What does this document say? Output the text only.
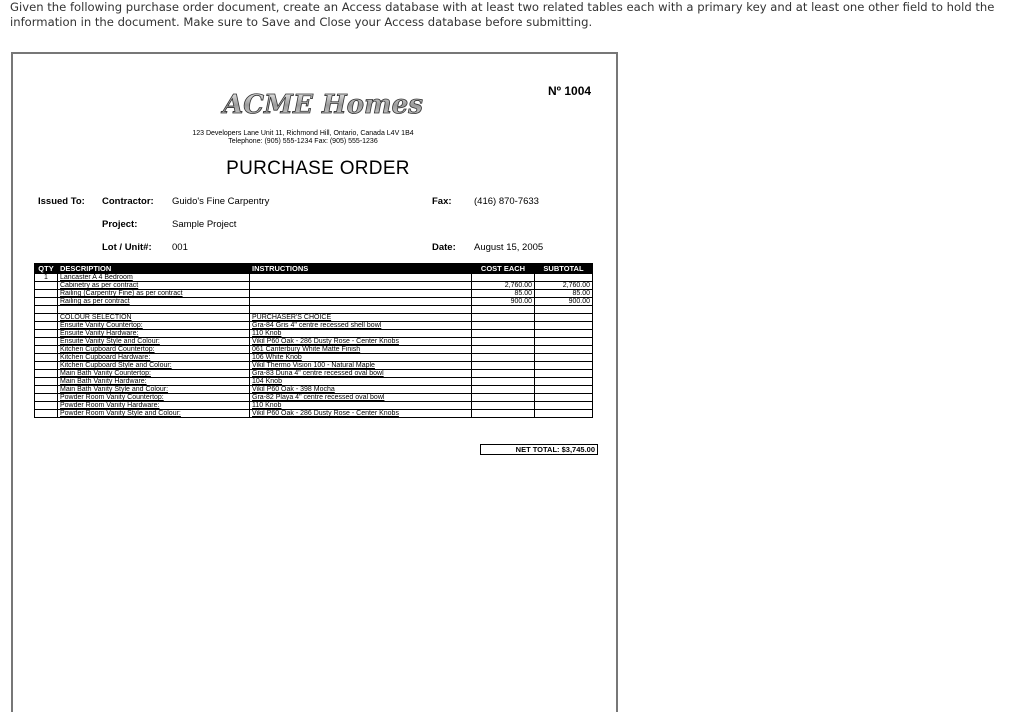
Given the following purchase order document, create an Access database with at least two related tables each with a primary key and at least one other field to hold the information in the document. Make sure to Save and Close your Access database before submitting.
Nº 1004
ACME Homes
123 Developers Lane Unit 11, Richmond Hill, Ontario, Canada L4V 1B4
Telephone: (905) 555-1234 Fax: (905) 555-1236
PURCHASE ORDER
Issued To: Contractor: Guido's Fine Carpentry
Project:	Sample Project
Lot / Unit#: 001
Fax: (416) 870-7633
Date: August 15, 2005
QTY	DESCRIPTION	INSTRUCTIONS	COST EACH	SUBTOTAL
1	Lancaster A 4 Bedroom			
	Cabinetry as per contract		2,760.00	2,760.00
	Railing (Carpentry Fine) as per contract		85.00	85.00
	Railing as per contract		900.00	900.00

	COLOUR SELECTION	PURCHASER'S CHOICE		
	Ensuite Vanity Countertop:	Gra-84 Gris 4" centre recessed shell bowl		
	Ensuite Vanity Hardware:	110 Knob		
	Ensuite Vanity Style and Colour:	Vikil P60 Oak - 286 Dusty Rose - Center Knobs		
	Kitchen Cupboard Countertop:	061 Canterbury White Matte Finish		
	Kitchen Cupboard Hardware:	106 White Knob		
	Kitchen Cupboard Style and Colour:	Vikil Thermo Vision 100 - Natural Maple		
	Main Bath Vanity Countertop:	Gra-83 Duna 4" centre recessed oval bowl		
	Main Bath Vanity Hardware:	104 Knob		
	Main Bath Vanity Style and Colour:	Vikil P60 Oak - 398 Mocha		
	Powder Room Vanity Countertop:	Gra-82 Playa 4" centre recessed oval bowl		
	Powder Room Vanity Hardware:	110 Knob		
	Powder Room Vanity Style and Colour:	Vikil P60 Oak - 286 Dusty Rose - Center Knobs		
NET TOTAL: $3,745.00
